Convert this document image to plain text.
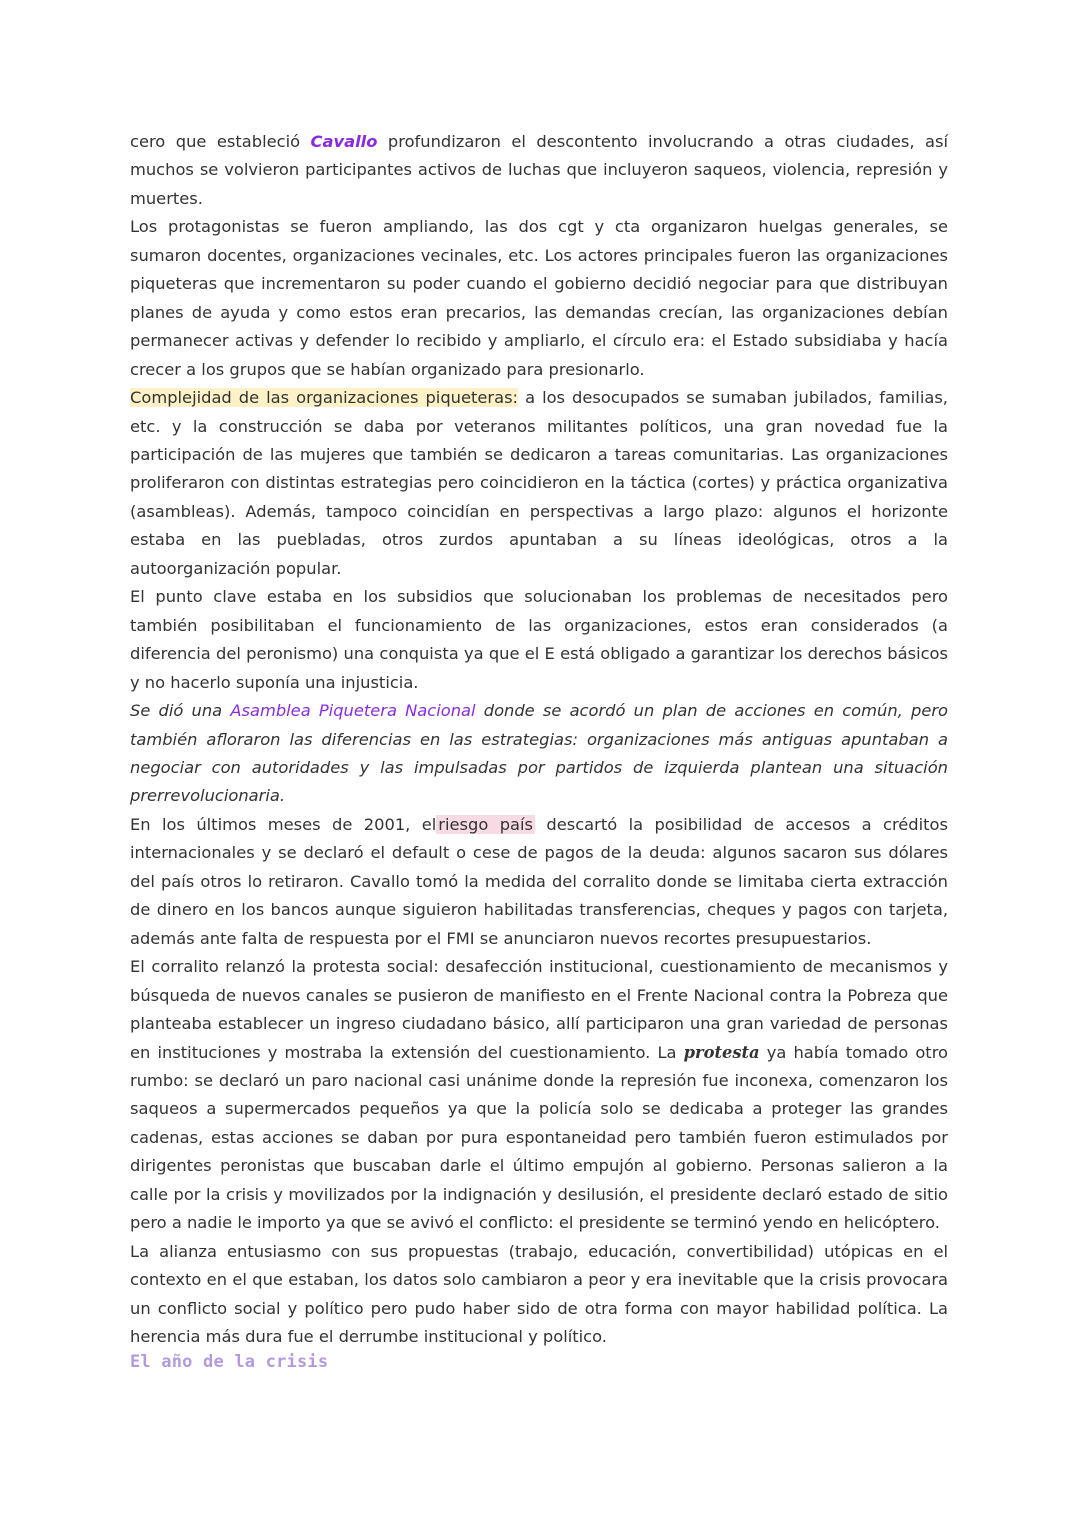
cero que estableció Cavallo profundizaron el descontento involucrando a otras ciudades, así muchos se volvieron participantes activos de luchas que incluyeron saqueos, violencia, represión y muertes.

Los protagonistas se fueron ampliando, las dos cgt y cta organizaron huelgas generales, se sumaron docentes, organizaciones vecinales, etc. Los actores principales fueron las organizaciones piqueteras que incrementaron su poder cuando el gobierno decidió negociar para que distribuyan planes de ayuda y como estos eran precarios, las demandas crecían, las organizaciones debían permanecer activas y defender lo recibido y ampliarlo, el círculo era: el Estado subsidiaba y hacía crecer a los grupos que se habían organizado para presionarlo.

Complejidad de las organizaciones piqueteras: a los desocupados se sumaban jubilados, familias, etc. y la construcción se daba por veteranos militantes políticos, una gran novedad fue la participación de las mujeres que también se dedicaron a tareas comunitarias. Las organizaciones proliferaron con distintas estrategias pero coincidieron en la táctica (cortes) y práctica organizativa (asambleas). Además, tampoco coincidían en perspectivas a largo plazo: algunos el horizonte estaba en las puebladas, otros zurdos apuntaban a su líneas ideológicas, otros a la autoorganización popular.

El punto clave estaba en los subsidios que solucionaban los problemas de necesitados pero también posibilitaban el funcionamiento de las organizaciones, estos eran considerados (a diferencia del peronismo) una conquista ya que el E está obligado a garantizar los derechos básicos y no hacerlo suponía una injusticia.

Se dió una Asamblea Piquetera Nacional donde se acordó un plan de acciones en común, pero también afloraron las diferencias en las estrategias: organizaciones más antiguas apuntaban a negociar con autoridades y las impulsadas por partidos de izquierda plantean una situación prerrevolucionaria.

En los últimos meses de 2001, el riesgo país descartó la posibilidad de accesos a créditos internacionales y se declaró el default o cese de pagos de la deuda: algunos sacaron sus dólares del país otros lo retiraron. Cavallo tomó la medida del corralito donde se limitaba cierta extracción de dinero en los bancos aunque siguieron habilitadas transferencias, cheques y pagos con tarjeta, además ante falta de respuesta por el FMI se anunciaron nuevos recortes presupuestarios.

El corralito relanzó la protesta social: desafección institucional, cuestionamiento de mecanismos y búsqueda de nuevos canales se pusieron de manifiesto en el Frente Nacional contra la Pobreza que planteaba establecer un ingreso ciudadano básico, allí participaron una gran variedad de personas en instituciones y mostraba la extensión del cuestionamiento. La protesta ya había tomado otro rumbo: se declaró un paro nacional casi unánime donde la represión fue inconexa, comenzaron los saqueos a supermercados pequeños ya que la policía solo se dedicaba a proteger las grandes cadenas, estas acciones se daban por pura espontaneidad pero también fueron estimulados por dirigentes peronistas que buscaban darle el último empujón al gobierno. Personas salieron a la calle por la crisis y movilizados por la indignación y desilusión, el presidente declaró estado de sitio pero a nadie le importo ya que se avivó el conflicto: el presidente se terminó yendo en helicóptero.

La alianza entusiasmo con sus propuestas (trabajo, educación, convertibilidad) utópicas en el contexto en el que estaban, los datos solo cambiaron a peor y era inevitable que la crisis provocara un conflicto social y político pero pudo haber sido de otra forma con mayor habilidad política. La herencia más dura fue el derrumbe institucional y político.

El año de la crisis
